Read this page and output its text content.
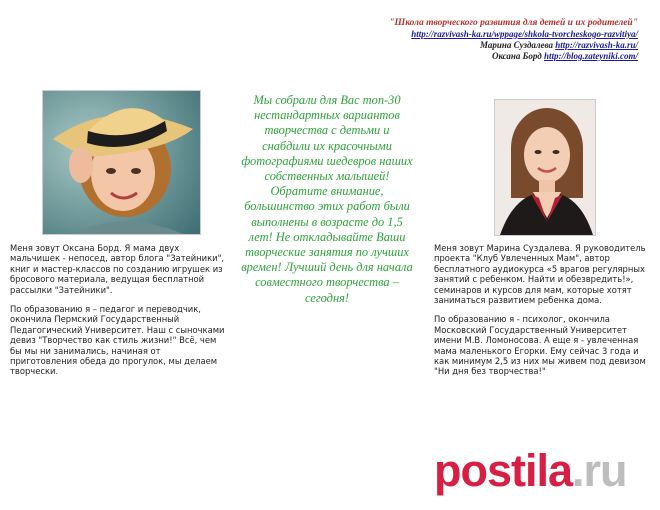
"Школа творческого развития для детей и их родителей"
http://razvivash-ka.ru/wppage/shkola-tvorcheskogo-razvitiya/
Марина Суздалева http://razvivash-ka.ru/
Оксана Борд http://blog.zateyniki.com/

Меня зовут Оксана Борд. Я мама двух мальчишек - непосед, автор блога "Затейники", книг и мастер-классов по созданию игрушек из бросового материала, ведущая бесплатной рассылки "Затейники".

По образованию я – педагог и переводчик, окончила Пермский Государственный Педагогический Университет. Наш с сыночками девиз "Творчество как стиль жизни!" Всё, чем бы мы ни занимались, начиная от приготовления обеда до прогулок, мы делаем творчески.

Мы собрали для Вас топ-30 нестандартных вариантов творчества с детьми и снабдили их красочными фотографиями шедевров наших собственных малышей! Обратите внимание, большинство этих работ были выполнены в возрасте до 1,5 лет! Не откладывайте Ваши творческие занятия по лучших времен! Лучший день для начала совместного творчества – сегодня!

Меня зовут Марина Суздалева. Я руководитель проекта "Клуб Увлеченных Мам", автор бесплатного аудиокурса «5 врагов регулярных занятий с ребенком. Найти и обезвредить!», семинаров и курсов для мам, которые хотят заниматься развитием ребенка дома.

По образованию я - психолог, окончила Московский Государственный Университет имени М.В. Ломоносова. А еще я - увлеченная мама маленького Егорки. Ему сейчас 3 года и как минимум 2,5 из них мы живем под девизом "Ни дня без творчества!"

postila.ru
